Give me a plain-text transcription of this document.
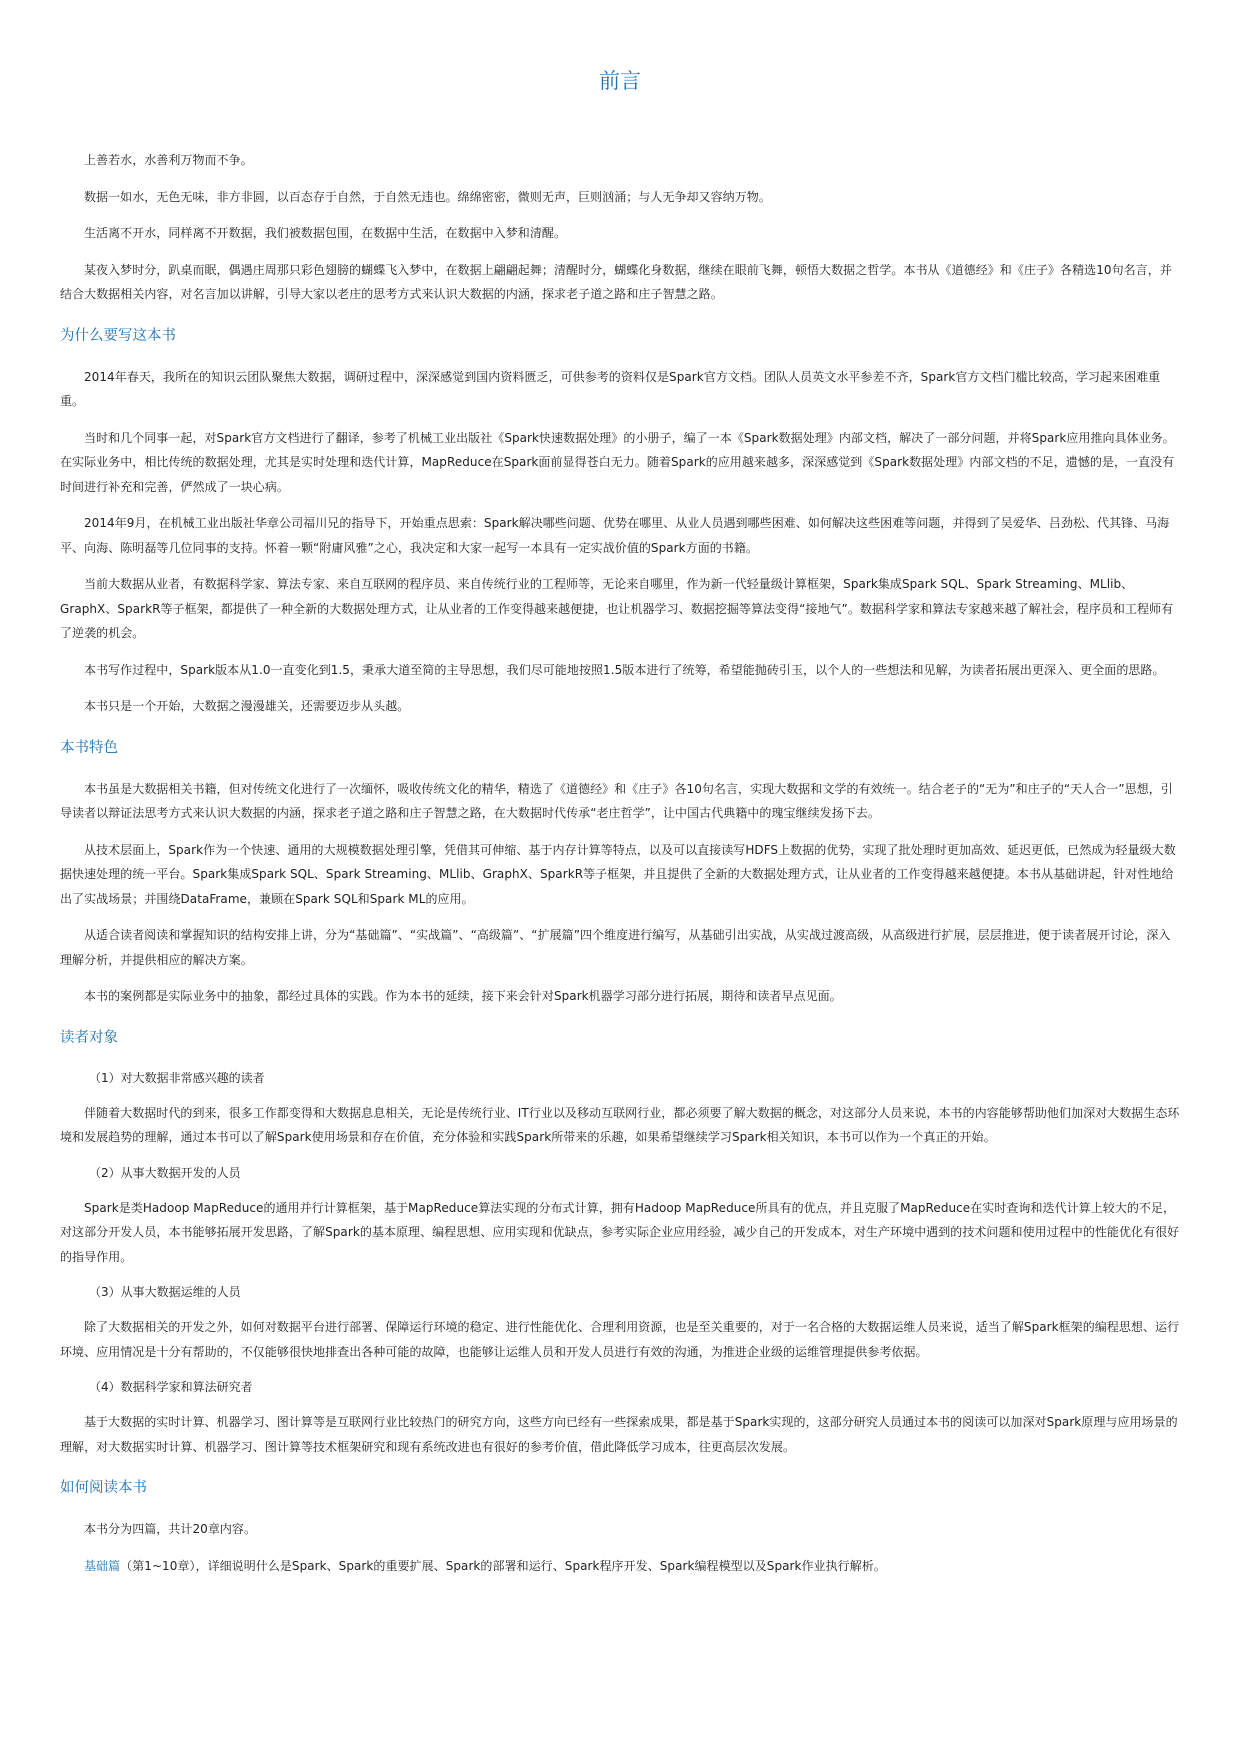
前言

上善若水，水善利万物而不争。

数据一如水，无色无味，非方非圆，以百态存于自然，于自然无违也。绵绵密密，微则无声，巨则汹涌；与人无争却又容纳万物。

生活离不开水，同样离不开数据，我们被数据包围，在数据中生活，在数据中入梦和清醒。

某夜入梦时分，趴桌而眠，偶遇庄周那只彩色翅膀的蝴蝶飞入梦中，在数据上翩翩起舞；清醒时分，蝴蝶化身数据，继续在眼前飞舞，顿悟大数据之哲学。本书从《道德经》和《庄子》各精选10句名言，并结合大数据相关内容，对名言加以讲解，引导大家以老庄的思考方式来认识大数据的内涵，探求老子道之路和庄子智慧之路。

为什么要写这本书

2014年春天，我所在的知识云团队聚焦大数据，调研过程中，深深感觉到国内资料匮乏，可供参考的资料仅是Spark官方文档。团队人员英文水平参差不齐，Spark官方文档门槛比较高，学习起来困难重重。

当时和几个同事一起，对Spark官方文档进行了翻译，参考了机械工业出版社《Spark快速数据处理》的小册子，编了一本《Spark数据处理》内部文档，解决了一部分问题，并将Spark应用推向具体业务。在实际业务中，相比传统的数据处理，尤其是实时处理和迭代计算，MapReduce在Spark面前显得苍白无力。随着Spark的应用越来越多，深深感觉到《Spark数据处理》内部文档的不足，遗憾的是，一直没有时间进行补充和完善，俨然成了一块心病。

2014年9月，在机械工业出版社华章公司福川兄的指导下，开始重点思索：Spark解决哪些问题、优势在哪里、从业人员遇到哪些困难、如何解决这些困难等问题，并得到了吴爱华、吕劲松、代其锋、马海平、向海、陈明磊等几位同事的支持。怀着一颗“附庸风雅”之心，我决定和大家一起写一本具有一定实战价值的Spark方面的书籍。

当前大数据从业者，有数据科学家、算法专家、来自互联网的程序员、来自传统行业的工程师等，无论来自哪里，作为新一代轻量级计算框架，Spark集成Spark SQL、Spark Streaming、MLlib、GraphX、SparkR等子框架，都提供了一种全新的大数据处理方式，让从业者的工作变得越来越便捷，也让机器学习、数据挖掘等算法变得“接地气”。数据科学家和算法专家越来越了解社会，程序员和工程师有了逆袭的机会。

本书写作过程中，Spark版本从1.0一直变化到1.5，秉承大道至简的主导思想，我们尽可能地按照1.5版本进行了统筹，希望能抛砖引玉，以个人的一些想法和见解，为读者拓展出更深入、更全面的思路。

本书只是一个开始，大数据之漫漫雄关，还需要迈步从头越。

本书特色

本书虽是大数据相关书籍，但对传统文化进行了一次缅怀，吸收传统文化的精华，精选了《道德经》和《庄子》各10句名言，实现大数据和文学的有效统一。结合老子的“无为”和庄子的“天人合一”思想，引导读者以辩证法思考方式来认识大数据的内涵，探求老子道之路和庄子智慧之路，在大数据时代传承“老庄哲学”，让中国古代典籍中的瑰宝继续发扬下去。

从技术层面上，Spark作为一个快速、通用的大规模数据处理引擎，凭借其可伸缩、基于内存计算等特点，以及可以直接读写HDFS上数据的优势，实现了批处理时更加高效、延迟更低，已然成为轻量级大数据快速处理的统一平台。Spark集成Spark SQL、Spark Streaming、MLlib、GraphX、SparkR等子框架，并且提供了全新的大数据处理方式，让从业者的工作变得越来越便捷。本书从基础讲起，针对性地给出了实战场景；并围绕DataFrame，兼顾在Spark SQL和Spark ML的应用。

从适合读者阅读和掌握知识的结构安排上讲，分为“基础篇”、“实战篇”、“高级篇”、“扩展篇”四个维度进行编写，从基础引出实战，从实战过渡高级，从高级进行扩展，层层推进，便于读者展开讨论，深入理解分析，并提供相应的解决方案。

本书的案例都是实际业务中的抽象，都经过具体的实践。作为本书的延续，接下来会针对Spark机器学习部分进行拓展，期待和读者早点见面。

读者对象

（1）对大数据非常感兴趣的读者

伴随着大数据时代的到来，很多工作都变得和大数据息息相关，无论是传统行业、IT行业以及移动互联网行业，都必须要了解大数据的概念，对这部分人员来说，本书的内容能够帮助他们加深对大数据生态环境和发展趋势的理解，通过本书可以了解Spark使用场景和存在价值，充分体验和实践Spark所带来的乐趣，如果希望继续学习Spark相关知识，本书可以作为一个真正的开始。

（2）从事大数据开发的人员

Spark是类Hadoop MapReduce的通用并行计算框架，基于MapReduce算法实现的分布式计算，拥有Hadoop MapReduce所具有的优点，并且克服了MapReduce在实时查询和迭代计算上较大的不足，对这部分开发人员，本书能够拓展开发思路，了解Spark的基本原理、编程思想、应用实现和优缺点，参考实际企业应用经验，减少自己的开发成本，对生产环境中遇到的技术问题和使用过程中的性能优化有很好的指导作用。

（3）从事大数据运维的人员

除了大数据相关的开发之外，如何对数据平台进行部署、保障运行环境的稳定、进行性能优化、合理利用资源，也是至关重要的，对于一名合格的大数据运维人员来说，适当了解Spark框架的编程思想、运行环境、应用情况是十分有帮助的，不仅能够很快地排查出各种可能的故障，也能够让运维人员和开发人员进行有效的沟通，为推进企业级的运维管理提供参考依据。

（4）数据科学家和算法研究者

基于大数据的实时计算、机器学习、图计算等是互联网行业比较热门的研究方向，这些方向已经有一些探索成果，都是基于Spark实现的，这部分研究人员通过本书的阅读可以加深对Spark原理与应用场景的理解，对大数据实时计算、机器学习、图计算等技术框架研究和现有系统改进也有很好的参考价值，借此降低学习成本，往更高层次发展。

如何阅读本书

本书分为四篇，共计20章内容。

基础篇（第1~10章），详细说明什么是Spark、Spark的重要扩展、Spark的部署和运行、Spark程序开发、Spark编程模型以及Spark作业执行解析。
